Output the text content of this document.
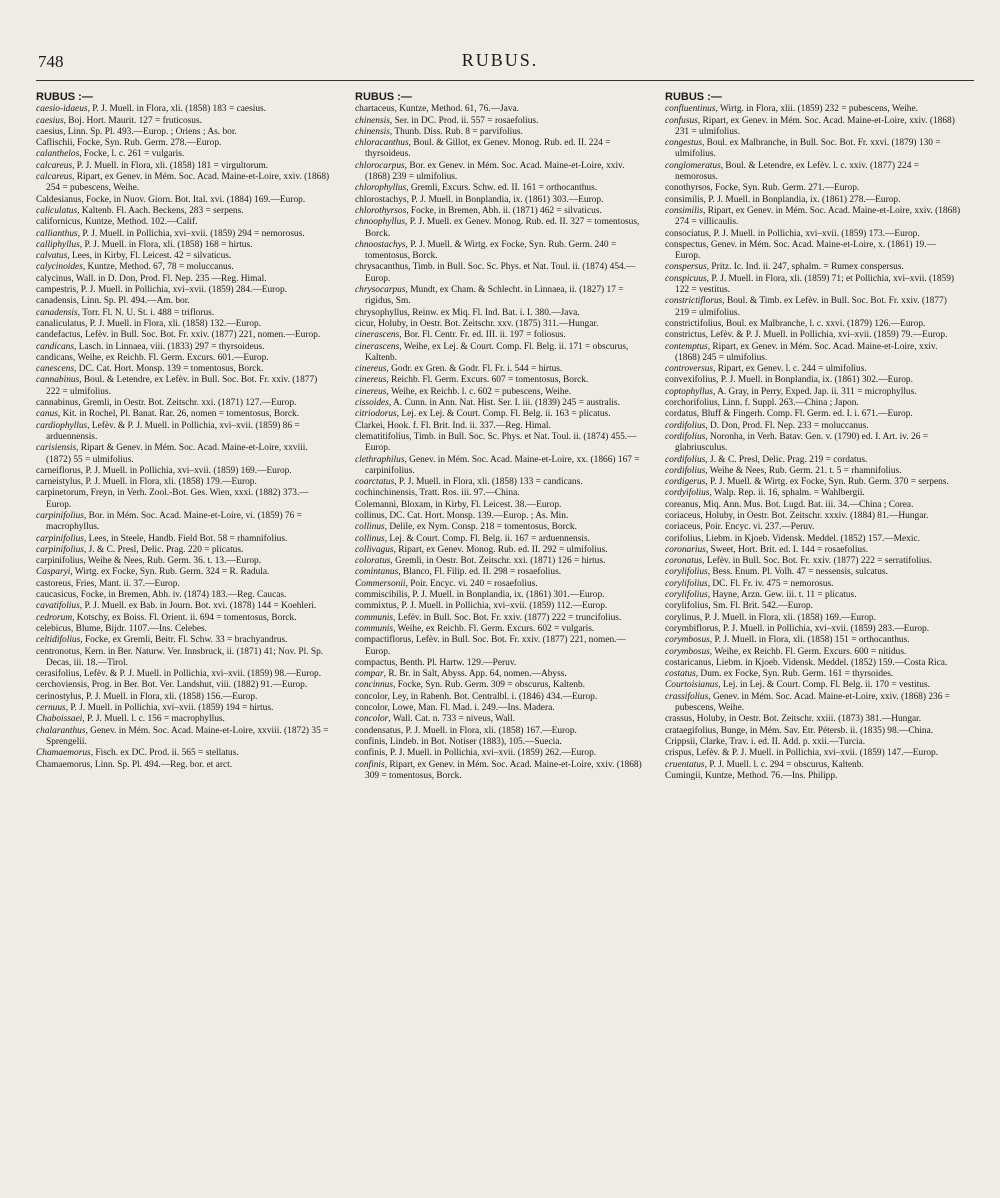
748	RUBUS.
RUBUS :—

caesio-idaeus, P. J. Muell. in Flora, xli. (1858) 183 = caesius.

caesius, Boj. Hort. Maurit. 127 = fruticosus.

caesius, Linn. Sp. Pl. 493.—Europ. ; Oriens ; As. bor.

Caflischii, Focke, Syn. Rub. Germ. 278.—Europ.

calanthelos, Focke, l. c. 261 = vulgaris.

calcareus, P. J. Muell. in Flora, xli. (1858) 181 = virgultorum.

calcareus, Ripart, ex Genev. in Mém. Soc. Acad. Maine-et-Loire, xxiv. (1868) 254 = pubescens, Weihe.

Caldesianus, Focke, in Nuov. Giorn. Bot. Ital. xvi. (1884) 169.—Europ.

caliculatus, Kaltenb. Fl. Aach. Beckens, 283 = serpens.

californicus, Kuntze, Method. 102.—Calif.

callianthus, P. J. Muell. in Pollichia, xvi–xvii. (1859) 294 = nemorosus.

calliphyllus, P. J. Muell. in Flora, xli. (1858) 168 = hirtus.

calvatus, Lees, in Kirby, Fl. Leicest. 42 = silvaticus.

calycinoides, Kuntze, Method. 67, 78 = moluccanus.

calycinus, Wall. in D. Don, Prod. Fl. Nep. 235 —Reg. Himal.

campestris, P. J. Muell. in Pollichia, xvi–xvii. (1859) 284.—Europ.

canadensis, Linn. Sp. Pl. 494.—Am. bor.

canadensis, Torr. Fl. N. U. St. i. 488 = triflorus.

canaliculatus, P. J. Muell. in Flora, xli. (1858) 132.—Europ.

candefactus, Lefèv. in Bull. Soc. Bot. Fr. xxiv. (1877) 221, nomen.—Europ.

candicans, Lasch. in Linnaea, viii. (1833) 297 = thyrsoideus.

candicans, Weihe, ex Reichb. Fl. Germ. Excurs. 601.—Europ.

canescens, DC. Cat. Hort. Monsp. 139 = tomentosus, Borck.

cannabinus, Boul. & Letendre, ex Lefèv. in Bull. Soc. Bot. Fr. xxiv. (1877) 222 = ulmifolius.

cannabinus, Gremli, in Oestr. Bot. Zeitschr. xxi. (1871) 127.—Europ.

canus, Kit. in Rochel, Pl. Banat. Rar. 26, nomen = tomentosus, Borck.

cardiophyllus, Lefèv. & P. J. Muell. in Pollichia, xvi–xvii. (1859) 86 = arduennensis.

carisiensis, Ripart & Genev. in Mém. Soc. Acad. Maine-et-Loire, xxviii. (1872) 55 = ulmifolius.

carneiflorus, P. J. Muell. in Pollichia, xvi–xvii. (1859) 169.—Europ.

carneistylus, P. J. Muell. in Flora, xli. (1858) 179.—Europ.

carpinetorum, Freyn, in Verh. Zool.-Bot. Ges. Wien, xxxi. (1882) 373.—Europ.

carpinifolius, Bor. in Mém. Soc. Acad. Maine-et-Loire, vi. (1859) 76 = macrophyllus.

carpinifolius, Lees, in Steele, Handb. Field Bot. 58 = rhamnifolius.

carpinifolius, J. & C. Presl, Delic. Prag. 220 = plicatus.

carpinifolius, Weihe & Nees, Rub. Germ. 36. t. 13.—Europ.

Casparyi, Wirtg. ex Focke, Syn. Rub. Germ. 324 = R. Radula.

castoreus, Fries, Mant. ii. 37.—Europ.

caucasicus, Focke, in Bremen, Abh. iv. (1874) 183.—Reg. Caucas.

cavatifolius, P. J. Muell. ex Bab. in Journ. Bot. xvi. (1878) 144 = Koehleri.

cedrorum, Kotschy, ex Boiss. Fl. Orient. ii. 694 = tomentosus, Borck.

celebicus, Blume, Bijdr. 1107.—Ins. Celebes.

celtidifolius, Focke, ex Gremli, Beitr. Fl. Schw. 33 = brachyandrus.

centronotus, Kern. in Ber. Naturw. Ver. Innsbruck, ii. (1871) 41; Nov. Pl. Sp. Decas, iii. 18.—Tirol.

cerasifolius, Lefèv. & P. J. Muell. in Pollichia, xvi–xvii. (1859) 98.—Europ.

cerchoviensis, Prog. in Ber. Bot. Ver. Landshut, viii. (1882) 91.—Europ.

cerinostylus, P. J. Muell. in Flora, xli. (1858) 156.—Europ.

cernuus, P. J. Muell. in Pollichia, xvi–xvii. (1859) 194 = hirtus.

Chaboissaei, P. J. Muell. l. c. 156 = macrophyllus.

chalaranthus, Genev. in Mém. Soc. Acad. Maine-et-Loire, xxviii. (1872) 35 = Sprengelii.

Chamaemorus, Fisch. ex DC. Prod. ii. 565 = stellatus.

Chamaemorus, Linn. Sp. Pl. 494.—Reg. bor. et arct.

RUBUS :—

chartaceus, Kuntze, Method. 61, 76.—Java.

chinensis, Ser. in DC. Prod. ii. 557 = rosaefolius.

chinensis, Thunb. Diss. Rub. 8 = parvifolius.

chloracanthus, Boul. & Gillot, ex Genev. Monog. Rub. ed. II. 224 = thyrsoideus.

chlorocarpus, Bor. ex Genev. in Mém. Soc. Acad. Maine-et-Loire, xxiv. (1868) 239 = ulmifolius.

chlorophyllus, Gremli, Excurs. Schw. ed. II. 161 = orthocanthus.

chlorostachys, P. J. Muell. in Bonplandia, ix. (1861) 303.—Europ.

chlorothyrsos, Focke, in Bremen, Abh. ii. (1871) 462 = silvaticus.

chnoophyllus, P. J. Muell. ex Genev. Monog. Rub. ed. II. 327 = tomentosus, Borck.

chnoostachys, P. J. Muell. & Wirtg. ex Focke, Syn. Rub. Germ. 240 = tomentosus, Borck.

chrysacanthus, Timb. in Bull. Soc. Sc. Phys. et Nat. Toul. ii. (1874) 454.—Europ.

chrysocarpus, Mundt, ex Cham. & Schlecht. in Linnaea, ii. (1827) 17 = rigidus, Sm.

chrysophyllus, Reinw. ex Miq. Fl. Ind. Bat. i. I. 380.—Java.

cicur, Holuby, in Oestr. Bot. Zeitschr. xxv. (1875) 311.—Hungar.

cinerascens, Bor. Fl. Centr. Fr. ed. III. ii. 197 = foliosus.

cinerascens, Weihe, ex Lej. & Court. Comp. Fl. Belg. ii. 171 = obscurus, Kaltenb.

cinereus, Godr. ex Gren. & Godr. Fl. Fr. i. 544 = hirtus.

cinereus, Reichb. Fl. Germ. Excurs. 607 = tomentosus, Borck.

cinereus, Weihe, ex Reichb. l. c. 602 = pubescens, Weihe.

cissoides, A. Cunn. in Ann. Nat. Hist. Ser. I. iii. (1839) 245 = australis.

citriodorus, Lej. ex Lej. & Court. Comp. Fl. Belg. ii. 163 = plicatus.

Clarkei, Hook. f. Fl. Brit. Ind. ii. 337.—Reg. Himal.

clematitifolius, Timb. in Bull. Soc. Sc. Phys. et Nat. Toul. ii. (1874) 455.—Europ.

clethraphilus, Genev. in Mém. Soc. Acad. Maine-et-Loire, xx. (1866) 167 = carpinifolius.

coarctatus, P. J. Muell. in Flora, xli. (1858) 133 = candicans.

cochinchinensis, Tratt. Ros. iii. 97.—China.

Colemanni, Bloxam, in Kirby, Fl. Leicest. 38.—Europ.

collinus, DC. Cat. Hort. Monsp. 139.—Europ. ; As. Min.

collinus, Delile, ex Nym. Consp. 218 = tomentosus, Borck.

collinus, Lej. & Court. Comp. Fl. Belg. ii. 167 = arduennensis.

collivagus, Ripart, ex Genev. Monog. Rub. ed. II. 292 = ulmifolius.

coloratus, Gremli, in Oestr. Bot. Zeitschr. xxi. (1871) 126 = hirtus.

comintanus, Blanco, Fl. Filip. ed. II. 298 = rosaefolius.

Commersonii, Poir. Encyc. vi. 240 = rosaefolius.

commiscibilis, P. J. Muell. in Bonplandia, ix. (1861) 301.—Europ.

commixtus, P. J. Muell. in Pollichia, xvi–xvii. (1859) 112.—Europ.

communis, Lefèv. in Bull. Soc. Bot. Fr. xxiv. (1877) 222 = truncifolius.

communis, Weihe, ex Reichb. Fl. Germ. Excurs. 602 = vulgaris.

compactiflorus, Lefèv. in Bull. Soc. Bot. Fr. xxiv. (1877) 221, nomen.—Europ.

compactus, Benth. Pl. Hartw. 129.—Peruv.

compar, R. Br. in Salt, Abyss. App. 64, nomen.—Abyss.

concinnus, Focke, Syn. Rub. Germ. 309 = obscurus, Kaltenb.

concolor, Ley, in Rabenh. Bot. Centralbl. i. (1846) 434.—Europ.

concolor, Lowe, Man. Fl. Mad. i. 249.—Ins. Madera.

concolor, Wall. Cat. n. 733 = niveus, Wall.

condensatus, P. J. Muell. in Flora, xli. (1858) 167.—Europ.

confinis, Lindeb. in Bot. Notiser (1883), 105.—Suecia.

confinis, P. J. Muell. in Pollichia, xvi–xvii. (1859) 262.—Europ.

confinis, Ripart, ex Genev. in Mém. Soc. Acad. Maine-et-Loire, xxiv. (1868) 309 = tomentosus, Borck.

RUBUS :—

confluentinus, Wirtg. in Flora, xlii. (1859) 232 = pubescens, Weihe.

confusus, Ripart, ex Genev. in Mém. Soc. Acad. Maine-et-Loire, xxiv. (1868) 231 = ulmifolius.

congestus, Boul. ex Malbranche, in Bull. Soc. Bot. Fr. xxvi. (1879) 130 = ulmifolius.

conglomeratus, Boul. & Letendre, ex Lefèv. l. c. xxiv. (1877) 224 = nemorosus.

conothyrsos, Focke, Syn. Rub. Germ. 271.—Europ.

consimilis, P. J. Muell. in Bonplandia, ix. (1861) 278.—Europ.

consimilis, Ripart, ex Genev. in Mém. Soc. Acad. Maine-et-Loire, xxiv. (1868) 274 = villicaulis.

consociatus, P. J. Muell. in Pollichia, xvi–xvii. (1859) 173.—Europ.

conspectus, Genev. in Mém. Soc. Acad. Maine-et-Loire, x. (1861) 19.—Europ.

conspersus, Pritz. Ic. Ind. ii. 247, sphalm. = Rumex conspersus.

conspicuus, P. J. Muell. in Flora, xli. (1859) 71; et Pollichia, xvi–xvii. (1859) 122 = vestitus.

constrictiflorus, Boul. & Timb. ex Lefèv. in Bull. Soc. Bot. Fr. xxiv. (1877) 219 = ulmifolius.

constrictifolius, Boul. ex Malbranche, l. c. xxvi. (1879) 126.—Europ.

constrictus, Lefèv. & P. J. Muell. in Pollichia, xvi–xvii. (1859) 79.—Europ.

contemptus, Ripart, ex Genev. in Mém. Soc. Acad. Maine-et-Loire, xxiv. (1868) 245 = ulmifolius.

controversus, Ripart, ex Genev. l. c. 244 = ulmifolius.

convexifolius, P. J. Muell. in Bonplandia, ix. (1861) 302.—Europ.

coptophyllus, A. Gray, in Perry, Exped. Jap. ii. 311 = microphyllus.

corchorifolius, Linn. f. Suppl. 263.—China ; Japon.

cordatus, Bluff & Fingerh. Comp. Fl. Germ. ed. I. i. 671.—Europ.

cordifolius, D. Don, Prod. Fl. Nep. 233 = moluccanus.

cordifolius, Noronha, in Verh. Batav. Gen. v. (1790) ed. I. Art. iv. 26 = glabriusculus.

cordifolius, J. & C. Presl, Delic. Prag. 219 = cordatus.

cordifolius, Weihe & Nees, Rub. Germ. 21. t. 5 = rhamnifolius.

cordigerus, P. J. Muell. & Wirtg. ex Focke, Syn. Rub. Germ. 370 = serpens.

cordyifolius, Walp. Rep. ii. 16, sphalm. = Wahlbergii.

coreanus, Miq. Ann. Mus. Bot. Lugd. Bat. iii. 34.—China ; Corea.

coriaceus, Holuby, in Oestr. Bot. Zeitschr. xxxiv. (1884) 81.—Hungar.

coriaceus, Poir. Encyc. vi. 237.—Peruv.

corifolius, Liebm. in Kjoeb. Vidensk. Meddel. (1852) 157.—Mexic.

coronarius, Sweet, Hort. Brit. ed. I. 144 = rosaefolius.

coronatus, Lefèv. in Bull. Soc. Bot. Fr. xxiv. (1877) 222 = serratifolius.

corylifolius, Bess. Enum. Pl. Volh. 47 = nessensis, sulcatus.

corylifolius, DC. Fl. Fr. iv. 475 = nemorosus.

corylifolius, Hayne, Arzn. Gew. iii. t. 11 = plicatus.

corylifolius, Sm. Fl. Brit. 542.—Europ.

corylinus, P. J. Muell. in Flora, xli. (1858) 169.—Europ.

corymbiflorus, P. J. Muell. in Pollichia, xvi–xvii. (1859) 283.—Europ.

corymbosus, P. J. Muell. in Flora, xli. (1858) 151 = orthocanthus.

corymbosus, Weihe, ex Reichb. Fl. Germ. Excurs. 600 = nitidus.

costaricanus, Liebm. in Kjoeb. Vidensk. Meddel. (1852) 159.—Costa Rica.

costatus, Dum. ex Focke, Syn. Rub. Germ. 161 = thyrsoides.

Courtoisianus, Lej. in Lej. & Court. Comp. Fl. Belg. ii. 170 = vestitus.

crassifolius, Genev. in Mém. Soc. Acad. Maine-et-Loire, xxiv. (1868) 236 = pubescens, Weihe.

crassus, Holuby, in Oestr. Bot. Zeitschr. xxiii. (1873) 381.—Hungar.

crataegifolius, Bunge, in Mém. Sav. Etr. Pétersb. ii. (1835) 98.—China.

Crippsii, Clarke, Trav. i. ed. II. Add. p. xxii.—Turcia.

crispus, Lefèv. & P. J. Muell. in Pollichia, xvi–xvii. (1859) 147.—Europ.

cruentatus, P. J. Muell. l. c. 294 = obscurus, Kaltenb.

Cumingii, Kuntze, Method. 76.—Ins. Philipp.
